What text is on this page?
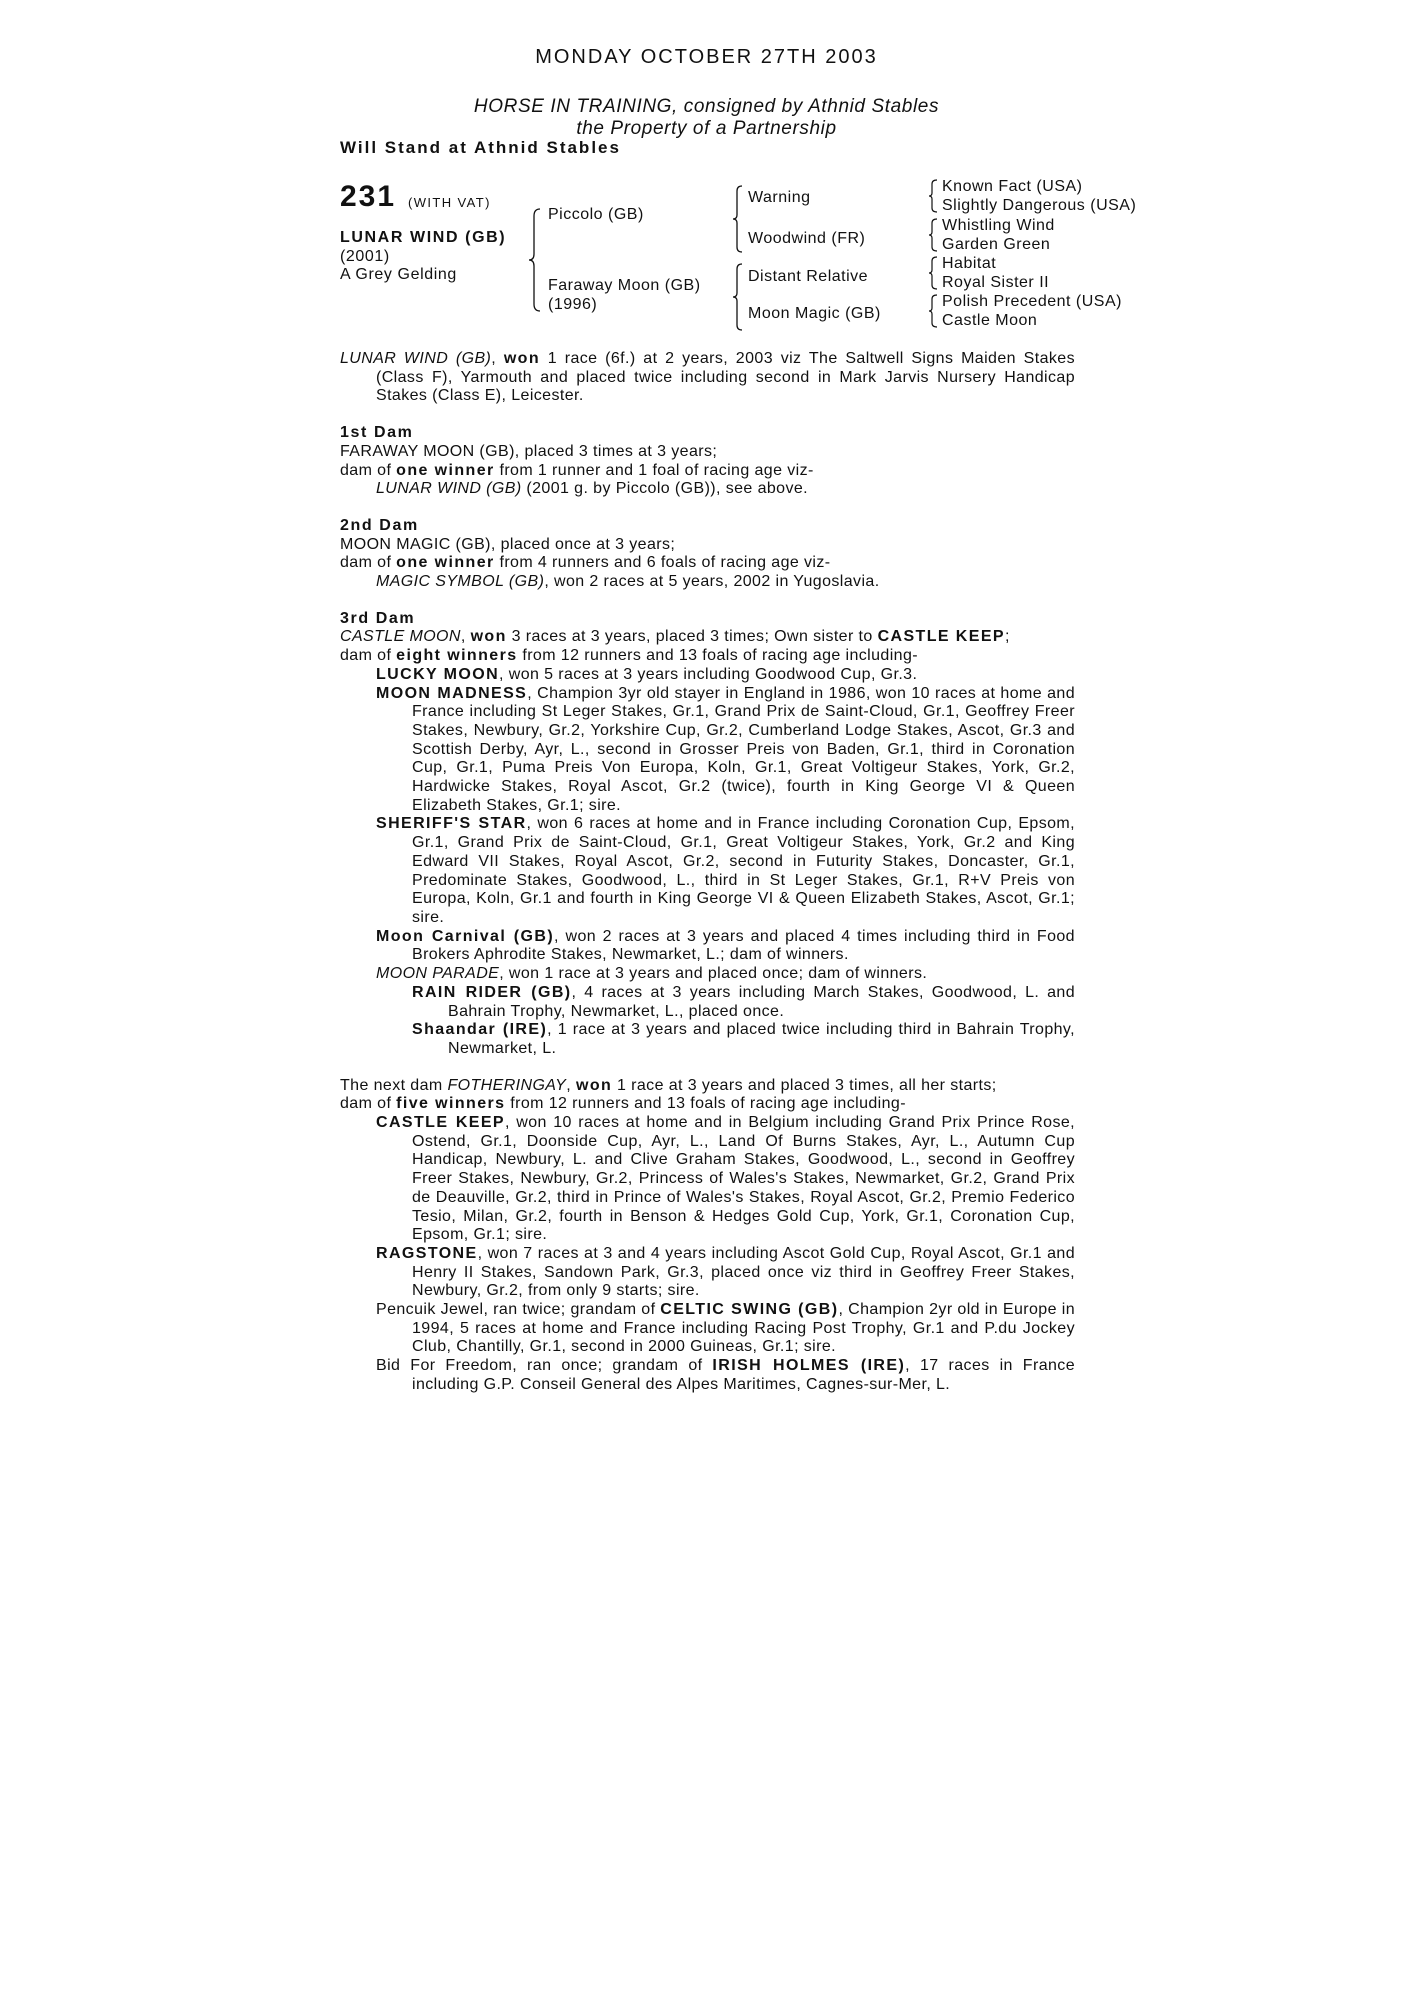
MONDAY OCTOBER 27TH 2003
HORSE IN TRAINING, consigned by Athnid Stables
the Property of a Partnership
Will Stand at Athnid Stables
231 (WITH VAT)
LUNAR WIND (GB)
(2001)
A Grey Gelding
Piccolo (GB)
Faraway Moon (GB)
(1996)
Warning
Woodwind (FR)
Distant Relative
Moon Magic (GB)
Known Fact (USA)
Slightly Dangerous (USA)
Whistling Wind
Garden Green
Habitat
Royal Sister II
Polish Precedent (USA)
Castle Moon

LUNAR WIND (GB), won 1 race (6f.) at 2 years, 2003 viz The Saltwell Signs Maiden Stakes (Class F), Yarmouth and placed twice including second in Mark Jarvis Nursery Handicap Stakes (Class E), Leicester.

1st Dam

FARAWAY MOON (GB), placed 3 times at 3 years;

dam of one winner from 1 runner and 1 foal of racing age viz-

LUNAR WIND (GB) (2001 g. by Piccolo (GB)), see above.

2nd Dam

MOON MAGIC (GB), placed once at 3 years;

dam of one winner from 4 runners and 6 foals of racing age viz-

MAGIC SYMBOL (GB), won 2 races at 5 years, 2002 in Yugoslavia.

3rd Dam

CASTLE MOON, won 3 races at 3 years, placed 3 times; Own sister to CASTLE KEEP;

dam of eight winners from 12 runners and 13 foals of racing age including-

LUCKY MOON, won 5 races at 3 years including Goodwood Cup, Gr.3.

MOON MADNESS, Champion 3yr old stayer in England in 1986, won 10 races at home and France including St Leger Stakes, Gr.1, Grand Prix de Saint-Cloud, Gr.1, Geoffrey Freer Stakes, Newbury, Gr.2, Yorkshire Cup, Gr.2, Cumberland Lodge Stakes, Ascot, Gr.3 and Scottish Derby, Ayr, L., second in Grosser Preis von Baden, Gr.1, third in Coronation Cup, Gr.1, Puma Preis Von Europa, Koln, Gr.1, Great Voltigeur Stakes, York, Gr.2, Hardwicke Stakes, Royal Ascot, Gr.2 (twice), fourth in King George VI & Queen Elizabeth Stakes, Gr.1; sire.

SHERIFF'S STAR, won 6 races at home and in France including Coronation Cup, Epsom, Gr.1, Grand Prix de Saint-Cloud, Gr.1, Great Voltigeur Stakes, York, Gr.2 and King Edward VII Stakes, Royal Ascot, Gr.2, second in Futurity Stakes, Doncaster, Gr.1, Predominate Stakes, Goodwood, L., third in St Leger Stakes, Gr.1, R+V Preis von Europa, Koln, Gr.1 and fourth in King George VI & Queen Elizabeth Stakes, Ascot, Gr.1; sire.

Moon Carnival (GB), won 2 races at 3 years and placed 4 times including third in Food Brokers Aphrodite Stakes, Newmarket, L.; dam of winners.

MOON PARADE, won 1 race at 3 years and placed once; dam of winners.

RAIN RIDER (GB), 4 races at 3 years including March Stakes, Goodwood, L. and Bahrain Trophy, Newmarket, L., placed once.

Shaandar (IRE), 1 race at 3 years and placed twice including third in Bahrain Trophy, Newmarket, L.

The next dam FOTHERINGAY, won 1 race at 3 years and placed 3 times, all her starts;

dam of five winners from 12 runners and 13 foals of racing age including-

CASTLE KEEP, won 10 races at home and in Belgium including Grand Prix Prince Rose, Ostend, Gr.1, Doonside Cup, Ayr, L., Land Of Burns Stakes, Ayr, L., Autumn Cup Handicap, Newbury, L. and Clive Graham Stakes, Goodwood, L., second in Geoffrey Freer Stakes, Newbury, Gr.2, Princess of Wales's Stakes, Newmarket, Gr.2, Grand Prix de Deauville, Gr.2, third in Prince of Wales's Stakes, Royal Ascot, Gr.2, Premio Federico Tesio, Milan, Gr.2, fourth in Benson & Hedges Gold Cup, York, Gr.1, Coronation Cup, Epsom, Gr.1; sire.

RAGSTONE, won 7 races at 3 and 4 years including Ascot Gold Cup, Royal Ascot, Gr.1 and Henry II Stakes, Sandown Park, Gr.3, placed once viz third in Geoffrey Freer Stakes, Newbury, Gr.2, from only 9 starts; sire.

Pencuik Jewel, ran twice; grandam of CELTIC SWING (GB), Champion 2yr old in Europe in 1994, 5 races at home and France including Racing Post Trophy, Gr.1 and P.du Jockey Club, Chantilly, Gr.1, second in 2000 Guineas, Gr.1; sire.

Bid For Freedom, ran once; grandam of IRISH HOLMES (IRE), 17 races in France including G.P. Conseil General des Alpes Maritimes, Cagnes-sur-Mer, L.
